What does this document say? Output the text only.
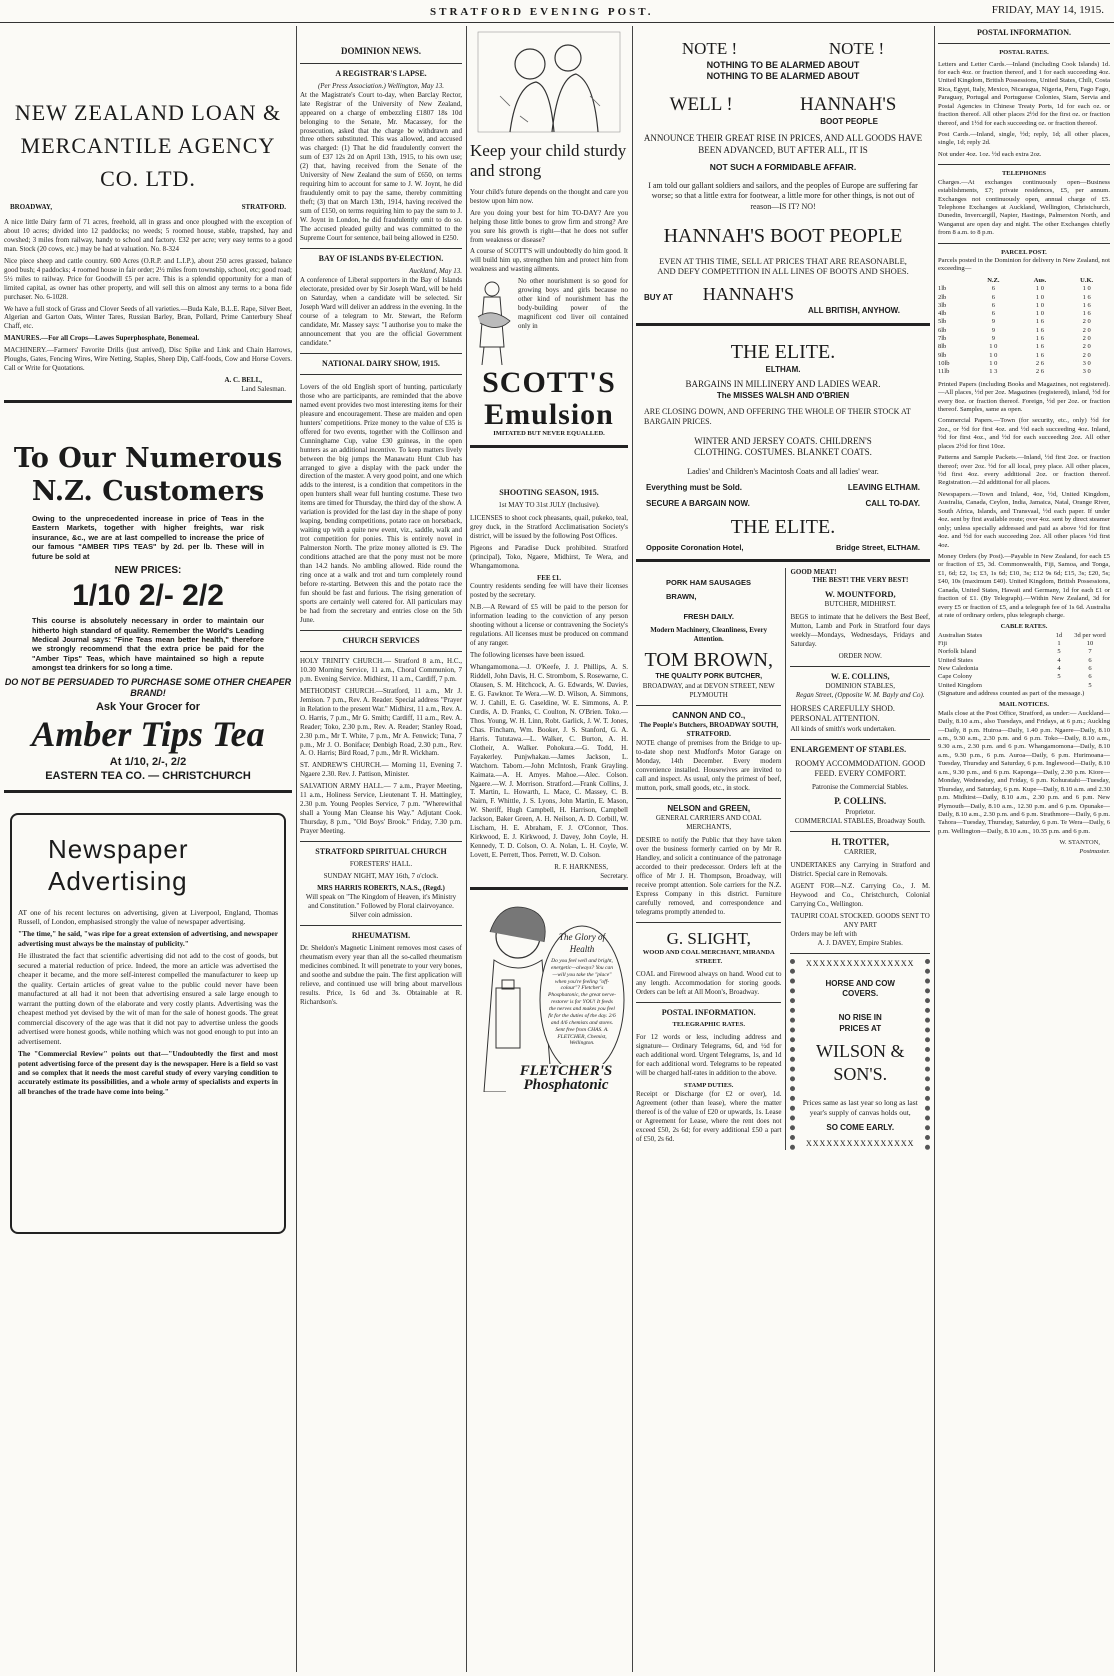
STRATFORD EVENING POST.	FRIDAY, MAY 14, 1915.
NEW ZEALAND LOAN & MERCANTILE AGENCY CO. LTD.
BROADWAY,	STRATFORD.

A nice little Dairy farm of 71 acres, freehold, all in grass and once ploughed with the exception of about 10 acres; divided into 12 paddocks; no weeds; 5 roomed house, stable, trapshed, hay and cowshed; 3 miles from railway, handy to school and factory. £32 per acre; very easy terms to a good man. Stock (20 cows, etc.) may be had at valuation. No. 8-324

Nice piece sheep and cattle country. 600 Acres (O.R.P. and L.I.P.), about 250 acres grassed, balance good bush; 4 paddocks; 4 roomed house in fair order; 2½ miles from township, school, etc; good road; 5½ miles to railway. Price for Goodwill £5 per acre. This is a splendid opportunity for a man of limited capital, as owner has other property, and will sell this on almost any terms to a bona fide purchaser. No. 6-1028.

We have a full stock of Grass and Clover Seeds of all varieties.—Buda Kale, B.L.E. Rape, Silver Beet, Algerian and Garton Oats, Winter Tares, Russian Barley, Bran, Pollard, Prime Canterbury Sheaf Chaff, etc.

MANURES.—For all Crops—Lawes Superphosphate, Bonemeal.

MACHINERY.—Farmers' Favorite Drills (just arrived), Disc Spike and Link and Chain Harrows, Ploughs, Gates, Fencing Wires, Wire Netting, Staples, Sheep Dip, Calf-foods, Cow and Horse Covers. Call or Write for Quotations.

A. C. BELL,
Land Salesman.
To Our Numerous N.Z. Customers

Owing to the unprecedented increase in price of Teas in the Eastern Markets, together with higher freights, war risk insurance, &c., we are at last compelled to increase the price of our famous "AMBER TIPS TEAS" by 2d. per lb. These will in future be sold at

NEW PRICES:
1/10 2/- 2/2

This course is absolutely necessary in order to maintain our hitherto high standard of quality. Remember the World's Leading Medical Journal says: "Fine Teas mean better health," therefore we strongly recommend that the extra price be paid for the "Amber Tips" Teas, which have maintained so high a repute amongst tea drinkers for so long a time.

DO NOT BE PERSUADED TO PURCHASE SOME OTHER CHEAPER BRAND!
Ask Your Grocer for
Amber Tips Tea
At 1/10, 2/-, 2/2
EASTERN TEA CO. — CHRISTCHURCH
Newspaper Advertising

AT one of his recent lectures on advertising, given at Liverpool, England, Thomas Russell, of London, emphasised strongly the value of newspaper advertising.

"The time," he said, "was ripe for a great extension of advertising, and newspaper advertising must always be the mainstay of publicity."

He illustrated the fact that scientific advertising did not add to the cost of goods, but secured a material reduction of price. Indeed, the more an article was advertised the cheaper it became, and the more self-interest compelled the manufacturer to keep up the quality. Certain articles of great value to the public could never have been manufactured at all had it not been that advertising ensured a sale large enough to warrant the putting down of the elaborate and very costly plants. Advertising was the cheapest method yet devised by the wit of man for the sale of honest goods. The great commercial discovery of the age was that it did not pay to advertise unless the goods advertised were honest goods, while nothing which was not good enough to put into an advertisement.

The "Commercial Review" points out that—"Undoubtedly the first and most potent advertising force of the present day is the newspaper. Here is a field so vast and so complex that it needs the most careful study of every varying condition to accurately estimate its possibilities, and a whole army of specialists and experts in all branches of the trade have come into being."

DOMINION NEWS.
A REGISTRAR'S LAPSE.
(Per Press Association.) Wellington, May 13.

At the Magistrate's Court to-day, when Barclay Rector, late Registrar of the University of New Zealand, appeared on a charge of embezzling £1807 18s 10d belonging to the Senate, Mr. Macassey, for the prosecution, asked that the charge be withdrawn and three others substituted. This was allowed, and accused was charged: (1) That he did fraudulently convert the sum of £37 12s 2d on April 13th, 1915, to his own use; (2) that, having received from the Senate of the University of New Zealand the sum of £650, on terms requiring him to account for same to J. W. Joynt, he did fraudulently omit to pay the same, thereby committing theft; (3) that on March 13th, 1914, having received the sum of £150, on terms requiring him to pay the sum to J. W. Joynt in London, he did fraudulently omit to do so. The accused pleaded guilty and was committed to the Supreme Court for sentence, bail being allowed in £250.

BAY OF ISLANDS BY-ELECTION.
Auckland, May 13.

A conference of Liberal supporters in the Bay of Islands electorate, presided over by Sir Joseph Ward, will be held on Saturday, when a candidate will be selected. Sir Joseph Ward will deliver an address in the evening. In the course of a telegram to Mr. Stewart, the Reform candidate, Mr. Massey says: "I authorise you to make the announcement that you are the official Government candidate."

NATIONAL DAIRY SHOW, 1915.

Lovers of the old English sport of hunting, particularly those who are participants, are reminded that the above named event provides two most interesting items for their pleasure and encouragement. These are maiden and open hunters' competitions. Prize money to the value of £35 is offered for two events, together with the Collinson and Cunninghame Cup, value £30 guineas, in the open hunters as an additional incentive. To keep matters lively between the big jumps the Manawatu Hunt Club has arranged to give a display with the pack under the direction of the master. A very good point, and one which adds to the interest, is a condition that competitors in the open hunters shall wear full hunting costume. These two items are timed for Thursday, the third day of the show. A variation is provided for the last day in the shape of pony leaping, bending competitions, potato race on horseback, waiting up with a quite new event, viz., saddle, walk and trot competition for ponies. This is entirely novel in Palmerston North. The prize money allotted is £9. The conditions attached are that the pony must not be more than 14.2 hands. No ambling allowed. Ride round the ring once at a walk and trot and turn completely round before re-starting. Between this and the potato race the fun should be fast and furious. The rising generation of sports are certainly well catered for. All particulars may be had from the secretary and entries close on the 5th June.

CHURCH SERVICES

HOLY TRINITY CHURCH.— Stratford 8 a.m., H.C., 10.30 Morning Service, 11 a.m., Choral Communion, 7 p.m. Evening Service. Midhirst, 11 a.m., Cardiff, 7 p.m.

METHODIST CHURCH.—Stratford, 11 a.m., Mr J. Jemison. 7 p.m., Rev. A. Reader. Special address "Prayer in Relation to the present War." Midhirst, 11 a.m., Rev. A. O. Harris, 7 p.m., Mr G. Smith; Cardiff, 11 a.m., Rev. A. Reader; Toko, 2.30 p.m., Rev. A. Reader; Stanley Road, 2.30 p.m., Mr T. White, 7 p.m., Mr A. Fenwick; Tuna, 7 p.m., Mr J. O. Boniface; Denbigh Road, 2.30 p.m., Rev. A. O. Harris; Bird Road, 7 p.m., Mr R. Wickham.

ST. ANDREW'S CHURCH.— Morning 11, Evening 7. Ngaere 2.30. Rev. J. Pattison, Minister.

SALVATION ARMY HALL.— 7 a.m., Prayer Meeting, 11 a.m., Holiness Service, Lieutenant T. H. Mattingley, 2.30 p.m. Young Peoples Service, 7 p.m. "Wherewithal shall a Young Man Cleanse his Way." Adjutant Cook. Thursday, 8 p.m., "Old Boys' Brook." Friday, 7.30 p.m. Prayer Meeting.

STRATFORD SPIRITUAL CHURCH
FORESTERS' HALL.
SUNDAY NIGHT, MAY 16th, 7 o'clock.
MRS HARRIS ROBERTS, N.A.S., (Regd.)
Will speak on "The Kingdom of Heaven, it's Ministry and Constitution." Followed by Floral clairvoyance. Silver coin admission.
RHEUMATISM.

Dr. Sheldon's Magnetic Liniment removes most cases of rheumatism every year than all the so-called rheumatism medicines combined. It will penetrate to your very bones, and soothe and subdue the pain. The first application will relieve, and continued use will bring about marvellous results. Price, 1s 6d and 3s. Obtainable at R. Richardson's.

Keep your child sturdy and strong

Your child's future depends on the thought and care you bestow upon him now.

Are you doing your best for him TO-DAY? Are you helping those little bones to grow firm and strong? Are you sure his growth is right—that he does not suffer from weakness or disease?

A course of SCOTT'S will undoubtedly do him good. It will build him up, strengthen him and protect him from weakness and wasting ailments.

No other nourishment is so good for growing boys and girls because no other kind of nourishment has the body-building power of the magnificent cod liver oil contained only in

SCOTT'S Emulsion
IMITATED BUT NEVER EQUALLED.
SHOOTING SEASON, 1915.
1st MAY TO 31st JULY (Inclusive).

LICENSES to shoot cock pheasants, quail, pukeko, teal, grey duck, in the Stratford Acclimatisation Society's district, will be issued by the following Post Offices.

Pigeons and Paradise Duck prohibited. Stratford (principal), Toko, Ngaere, Midhirst, Te Wera, and Whangamomona.

FEE £1.

Country residents sending fee will have their licenses posted by the secretary.

N.B.—A Reward of £5 will be paid to the person for information leading to the conviction of any person shooting without a license or contravening the Society's regulations. All licenses must be produced on command of any ranger.

The following licenses have been issued.

Whangamomona.—J. O'Keefe, J. J. Phillips, A. S. Riddell, John Davis, H. C. Strombom, S. Rosewarne, C. Olausen, S. M. Hitchcock, A. G. Edwards, W. Davies, E. G. Fawknor. Te Wera.—W. D. Wilson, A. Simmons, W. J. Cahill, E. G. Caseldine, W. E. Simmons, A. P. Curdis, A. D. Franks, C. Coulton, N. O'Brien. Toko.—Thos. Young, W. H. Linn, Robt. Garlick, J. W. T. Jones, Chas. Fincham, Wm. Booker, J. S. Stanford, G. A. Harris. Tututawa.—L. Walker, C. Burton, A. H. Clotheir, A. Walker. Pohokura.—G. Todd, H. Fayakerley. Punjwhakau.—James Jackson, L. Watchorn. Taborn.—John McIntosh, Frank Grayling. Kaimata.—A. H. Amyes. Mahoe.—Alec. Colson. Ngaere.—W. J. Morrison. Stratford.—Frank Collins, J. T. Martin, L. Howarth, L. Mace, C. Massey, C. B. Nairn, F. Whittle, J. S. Lyons, John Martin, E. Mason, W. Sheriff, Hugh Campbell, H. Harrison, Campbell Jackson, Baker Green, A. H. Neilson, A. D. Corbill, W. Lischam, H. E. Abraham, F. J. O'Connor, Thos. Kirkwood, E. J. Kirkwood, J. Davey, John Coyle, H. Kennedy, T. D. Colson, O. A. Nolan, L. H. Coyle, W. Lovett, E. Perrett, Thos. Perrett, W. D. Colson.

R. F. HARKNESS,
Secretary.
The Glory of Health
Do you feel well and bright, energetic—always? You can —will you take the "place" when you're feeling "off-colour"? Fletcher's Phosphatonic, the great nerve-restorer is for YOU! It feeds the nerves and makes you feel fit for the duties of the day. 2/6 and 4/6 chemists and stores. Sent free from CHAS. A. FLETCHER, Chemist, Wellington.
FLETCHER'S Phosphatonic
NOTE !	NOTE !
NOTHING TO BE ALARMED ABOUT
NOTHING TO BE ALARMED ABOUT
WELL !	HANNAH'S
BOOT PEOPLE
ANNOUNCE THEIR GREAT RISE IN PRICES, AND ALL GOODS HAVE BEEN ADVANCED, BUT AFTER ALL, IT IS
NOT SUCH A FORMIDABLE AFFAIR.
I am told our gallant soldiers and sailors, and the peoples of Europe are suffering far worse; so that a little extra for footwear, a little more for other things, is not out of reason—IS IT? NO!
HANNAH'S BOOT PEOPLE
EVEN AT THIS TIME, SELL AT PRICES THAT ARE REASONABLE, AND DEFY COMPETITION IN ALL LINES OF BOOTS AND SHOES.
BUY AT HANNAH'S
ALL BRITISH, ANYHOW.
THE ELITE.
ELTHAM.
BARGAINS IN MILLINERY AND LADIES WEAR.
The MISSES WALSH AND O'BRIEN
ARE CLOSING DOWN, AND OFFERING THE WHOLE OF THEIR STOCK AT BARGAIN PRICES.
WINTER AND JERSEY COATS. CHILDREN'S CLOTHING. COSTUMES. BLANKET COATS.
Ladies' and Children's Macintosh Coats and all ladies' wear.
Everything must be Sold.	LEAVING ELTHAM.
SECURE A BARGAIN NOW.	CALL TO-DAY.
THE ELITE.
Opposite Coronation Hotel,	Bridge Street, ELTHAM.
PORK HAM SAUSAGES BRAWN,
FRESH DAILY.
Modern Machinery, Cleanliness, Every Attention.
TOM BROWN,
THE QUALITY PORK BUTCHER,
BROADWAY, and at DEVON STREET, NEW PLYMOUTH
CANNON AND CO.,
The People's Butchers, BROADWAY SOUTH, STRATFORD.

NOTE change of premises from the Bridge to up-to-date shop next Mudford's Motor Garage on Monday, 14th December. Every modern convenience installed. Housewives are invited to call and inspect. As usual, only the primest of beef, mutton, pork, small goods, etc., in stock.

NELSON and GREEN,
GENERAL CARRIERS AND COAL MERCHANTS,

DESIRE to notify the Public that they have taken over the business formerly carried on by Mr R. Handley, and solicit a continuance of the patronage accorded to their predecessor. Orders left at the office of Mr J. H. Thompson, Broadway, will receive prompt attention. Sole carriers for the N.Z. Express Company in this district. Furniture carefully removed, and correspondence and telegrams promptly attended to.

G. SLIGHT,
WOOD AND COAL MERCHANT, MIRANDA STREET.

COAL and Firewood always on hand. Wood cut to any length. Accommodation for storing goods. Orders can be left at All Moon's, Broadway.

POSTAL INFORMATION.
TELEGRAPHIC RATES.

For 12 words or less, including address and signature— Ordinary Telegrams, 6d, and ½d for each additional word. Urgent Telegrams, 1s, and 1d for each additional word. Telegrams to be repeated will be charged half-rates in addition to the above.

STAMP DUTIES.

Receipt or Discharge (for £2 or over), 1d. Agreement (other than lease), where the matter thereof is of the value of £20 or upwards, 1s. Lease or Agreement for Lease, where the rent does not exceed £50, 2s 6d; for every additional £50 a part of £50, 2s 6d.

GOOD MEAT!
THE BEST! THE VERY BEST!
W. MOUNTFORD,
BUTCHER, MIDHIRST.

BEGS to intimate that he delivers the Best Beef, Mutton, Lamb and Pork in Stratford four days weekly—Mondays, Wednesdays, Fridays and Saturday.

ORDER NOW.
W. E. COLLINS,
DOMINION STABLES,
Regan Street, (Opposite W. M. Bayly and Co).
HORSES CAREFULLY SHOD. PERSONAL ATTENTION.
All kinds of smith's work undertaken.
ENLARGEMENT OF STABLES.
ROOMY ACCOMMODATION. GOOD FEED. EVERY COMFORT.
Patronise the Commercial Stables.
P. COLLINS.
Proprietor.
COMMERCIAL STABLES, Broadway South.
H. TROTTER,
CARRIER,

UNDERTAKES any Carrying in Stratford and District. Special care in Removals.

AGENT FOR—N.Z. Carrying Co., J. M. Heywood and Co., Christchurch, Colonial Carrying Co., Wellington.

TAUPIRI COAL STOCKED. GOODS SENT TO ANY PART
Orders may be left with
A. J. DAVEY, Empire Stables.
XXXXXXXXXXXXXXXX
HORSE AND COW COVERS.
NO RISE IN PRICES AT
WILSON & SON'S.
Prices same as last year so long as last year's supply of canvas holds out,
SO COME EARLY.
XXXXXXXXXXXXXXXX
POSTAL INFORMATION.
POSTAL RATES.

Letters and Letter Cards.—Inland (including Cook Islands) 1d. for each 4oz. or fraction thereof, and 1 for each succeeding 4oz. United Kingdom, British Possessions, United States, Chili, Costa Rica, Egypt, Italy, Mexico, Nicaragua, Nigeria, Peru, Fago Fago, Paraguay, Portugal and Portuguese Colonies, Siam, Servia and Postal Agencies in Chinese Treaty Ports, 1d for each oz. or fraction thereof. All other places 2½d for the first oz. or fraction thereof, and 1½d for each succeeding oz. or fraction thereof.

Post Cards.—Inland, single, ½d; reply, 1d; all other places, single, 1d; reply 2d.

Not under 4oz. 1oz. ½d each extra 2oz.

TELEPHONES

Charges.—At exchanges continuously open—Business establishments, £7; private residences, £5, per annum. Exchanges not continuously open, annual charge of £5. Telephone Exchanges at Auckland, Wellington, Christchurch, Dunedin, Invercargill, Napier, Hastings, Palmerston North, and Wanganui are open day and night. The other Exchanges chiefly from 8 a.m. to 8 p.m.

PARCEL POST.

Parcels posted in the Dominion for delivery in New Zealand, not exceeding—

N.Z.	Aus.	U.K.
1lb	6	1 0	1 0
2lb	6	1 0	1 6
3lb	6	1 0	1 6
4lb	6	1 0	1 6
5lb	9	1 6	2 0
6lb	9	1 6	2 0
7lb	9	1 6	2 0
8lb	1 0	1 6	2 0
9lb	1 0	1 6	2 0
10lb	1 0	2 6	3 0
11lb	1 3	2 6	3 0

Printed Papers (including Books and Magazines, not registered).—All places, ½d per 2oz. Magazines (registered), inland, ½d for every 8oz. or fraction thereof. Foreign, ½d per 2oz. or fraction thereof. Samples, same as open.

Commercial Papers.—Town (for security, etc., only) ½d for 2oz., or ½d for first 4oz. and ½d each succeeding 4oz. Inland, ½d for first 4oz., and ½d for each succeeding 2oz. All other places 2½d for first 10oz.

Patterns and Sample Packets.—Inland, ½d first 2oz. or fraction thereof; over 2oz. ½d for all local, prey place. All other places, ½d first 4oz. every additional 2oz. or fraction thereof. Registration.—2d additional for all places.

Newspapers.—Town and Inland, 4oz, ½d, United Kingdom, Australia, Canada, Ceylon, India, Jamaica, Natal, Orange River, South Africa, Islands, and Transvaal, ½d each paper. If under 4oz. sent by first available route; over 4oz. sent by direct steamer only; unless specially addressed and paid as above ½d for first 4oz. and ½d for each succeeding 2oz. All other places ½d first 4oz.

Money Orders (by Post).—Payable in New Zealand, for each £5 or fraction of £5, 3d. Commonwealth, Fiji, Samoa, and Tonga, £1, 6d; £2, 1s; £3, 1s 6d; £10, 3s; £12 9s 6d; £15, 3s; £20, 5s; £40, 10s (maximum £40). United Kingdom, British Possessions, Canada, United States, Hawaii and Germany, 1d for each £1 or fraction of £1. (By Telegraph).—Within New Zealand, 3d for every £5 or fraction of £5, and a telegraph fee of 1s 6d. Australia at rate of ordinary orders, plus telegraph charge.

CABLE RATES.
Australian States	1d	3d per word
Fiji	1	10
Norfolk Island	5	7
United States	4	6
New Caledonia	4	6
Cape Colony	5	6
United Kingdom	5

(Signature and address counted as part of the message.)

MAIL NOTICES.

Mails close at the Post Office, Stratford, as under:— Auckland—Daily, 8.10 a.m., also Tuesdays, and Fridays, at 6 p.m.; Aucklng—Daily, 8 p.m. Huiroa—Daily, 1.40 p.m. Ngaere—Daily, 8.10 a.m., 9.30 a.m., 2.30 p.m. and 6 p.m. Toko—Daily, 8.10 a.m., 9.30 a.m., 2.30 p.m. and 6 p.m. Whangamomona—Daily, 8.10 a.m., 9.30 p.m., 6 p.m. Auroa—Daily, 6 p.m. Hurimoana—Tuesday, Thursday and Saturday, 6 p.m. Inglewood—Daily, 8.10 a.m., 9.30 p.m., and 6 p.m. Kaponga—Daily, 2.30 p.m. Kiore—Monday, Wednesday, and Friday, 6 p.m. Kohuratahi—Tuesday, Thursday, and Saturday, 6 p.m. Kupe—Daily, 8.10 a.m. and 2.30 p.m. Midhirst—Daily, 8.10 a.m., 2.30 p.m. and 6 p.m. New Plymouth—Daily, 8.10 a.m., 12.30 p.m. and 6 p.m. Opunake—Daily, 8.10 a.m., 2.30 p.m. and 6 p.m. Strathmore—Daily, 6 p.m. Tahora—Tuesday, Thursday, Saturday, 6 p.m. Te Wera—Daily, 6 p.m. Wellington—Daily, 8.10 a.m., 10.35 p.m. and 6 p.m.

W. STANTON,
Postmaster.
